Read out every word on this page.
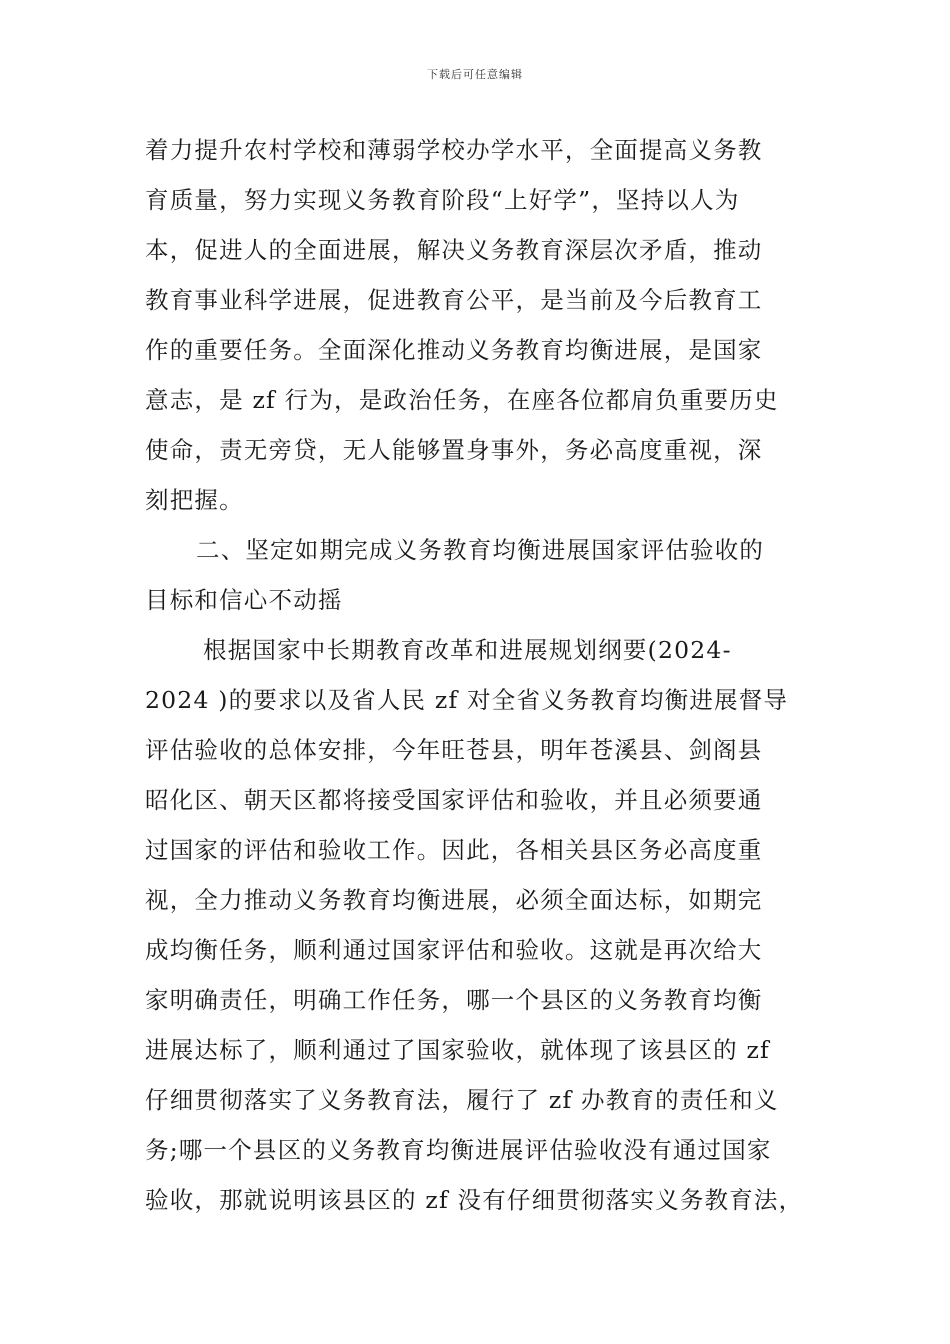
下载后可任意编辑
着力提升农村学校和薄弱学校办学水平，全面提高义务教
育质量，努力实现义务教育阶段“上好学”，坚持以人为
本，促进人的全面进展，解决义务教育深层次矛盾，推动
教育事业科学进展，促进教育公平，是当前及今后教育工
作的重要任务。全面深化推动义务教育均衡进展，是国家
意志，是 zf 行为，是政治任务，在座各位都肩负重要历史
使命，责无旁贷，无人能够置身事外，务必高度重视，深
刻把握。
二、坚定如期完成义务教育均衡进展国家评估验收的
目标和信心不动摇
根据国家中长期教育改革和进展规划纲要(2024-
2024 )的要求以及省人民 zf 对全省义务教育均衡进展督导
评估验收的总体安排，今年旺苍县，明年苍溪县、剑阁县
昭化区、朝天区都将接受国家评估和验收，并且必须要通
过国家的评估和验收工作。因此，各相关县区务必高度重
视，全力推动义务教育均衡进展，必须全面达标，如期完
成均衡任务，顺利通过国家评估和验收。这就是再次给大
家明确责任，明确工作任务，哪一个县区的义务教育均衡
进展达标了，顺利通过了国家验收，就体现了该县区的 zf
仔细贯彻落实了义务教育法，履行了 zf 办教育的责任和义
务;哪一个县区的义务教育均衡进展评估验收没有通过国家
验收，那就说明该县区的 zf 没有仔细贯彻落实义务教育法，
